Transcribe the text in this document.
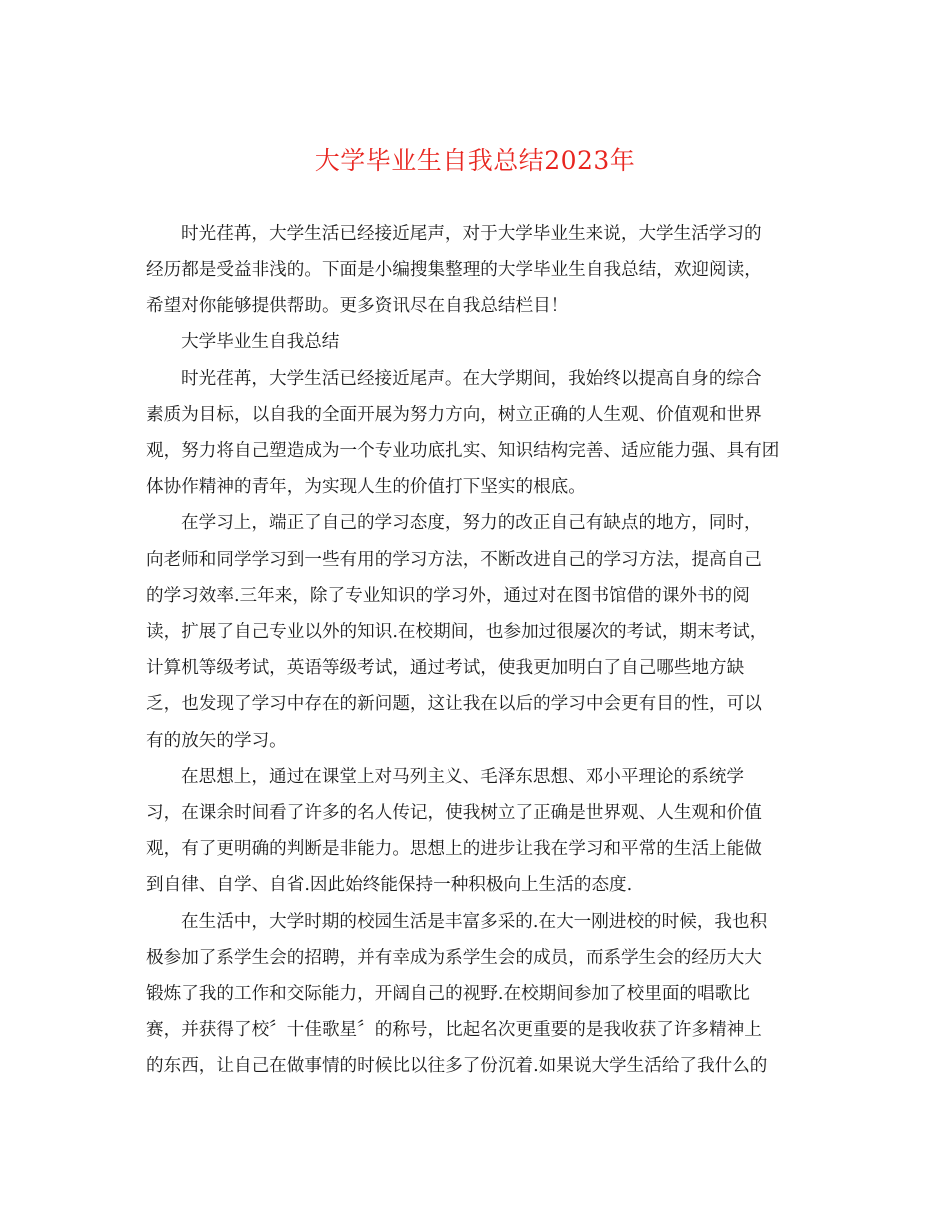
大学毕业生自我总结2023年
时光荏苒，大学生活已经接近尾声，对于大学毕业生来说，大学生活学习的
经历都是受益非浅的。下面是小编搜集整理的大学毕业生自我总结，欢迎阅读，
希望对你能够提供帮助。更多资讯尽在自我总结栏目！
大学毕业生自我总结
时光荏苒，大学生活已经接近尾声。在大学期间，我始终以提高自身的综合
素质为目标，以自我的全面开展为努力方向，树立正确的人生观、价值观和世界
观，努力将自己塑造成为一个专业功底扎实、知识结构完善、适应能力强、具有团
体协作精神的青年，为实现人生的价值打下坚实的根底。
在学习上，端正了自己的学习态度，努力的改正自己有缺点的地方，同时，
向老师和同学学习到一些有用的学习方法，不断改进自己的学习方法，提高自己
的学习效率.三年来，除了专业知识的学习外，通过对在图书馆借的课外书的阅
读，扩展了自己专业以外的知识.在校期间，也参加过很屡次的考试，期末考试，
计算机等级考试，英语等级考试，通过考试，使我更加明白了自己哪些地方缺
乏，也发现了学习中存在的新问题，这让我在以后的学习中会更有目的性，可以
有的放矢的学习。
在思想上，通过在课堂上对马列主义、毛泽东思想、邓小平理论的系统学
习，在课余时间看了许多的名人传记，使我树立了正确是世界观、人生观和价值
观，有了更明确的判断是非能力。思想上的进步让我在学习和平常的生活上能做
到自律、自学、自省.因此始终能保持一种积极向上生活的态度.
在生活中，大学时期的校园生活是丰富多采的.在大一刚进校的时候，我也积
极参加了系学生会的招聘，并有幸成为系学生会的成员，而系学生会的经历大大
锻炼了我的工作和交际能力，开阔自己的视野.在校期间参加了校里面的唱歌比
赛，并获得了校〞十佳歌星〞的称号，比起名次更重要的是我收获了许多精神上
的东西，让自己在做事情的时候比以往多了份沉着.如果说大学生活给了我什么的
